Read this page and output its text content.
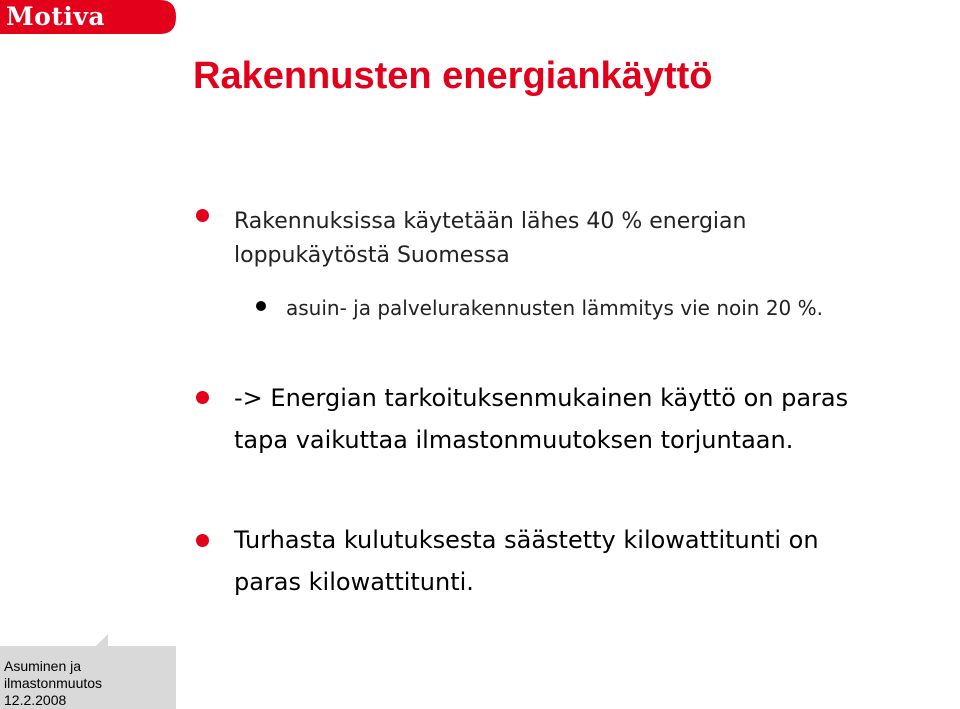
Motiva
Rakennusten energiankäyttö
Rakennuksissa käytetään lähes 40 % energian
loppukäytöstä Suomessa
asuin- ja palvelurakennusten lämmitys vie noin 20 %.
-> Energian tarkoituksenmukainen käyttö on paras
tapa vaikuttaa ilmastonmuutoksen torjuntaan.
Turhasta kulutuksesta säästetty kilowattitunti on
paras kilowattitunti.
Asuminen ja
ilmastonmuutos
12.2.2008
